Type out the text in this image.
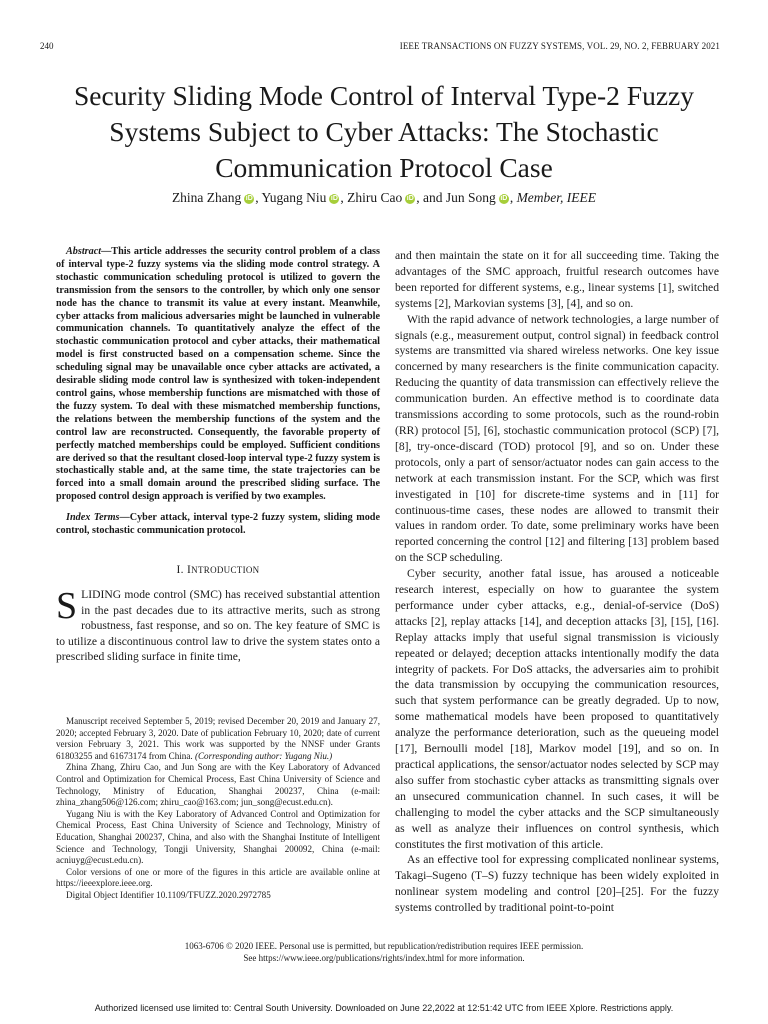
240	IEEE TRANSACTIONS ON FUZZY SYSTEMS, VOL. 29, NO. 2, FEBRUARY 2021
Security Sliding Mode Control of Interval Type-2 Fuzzy Systems Subject to Cyber Attacks: The Stochastic Communication Protocol Case
Zhina Zhang iD , Yugang Niu iD , Zhiru Cao iD , and Jun Song iD , Member, IEEE

Abstract—This article addresses the security control problem of a class of interval type-2 fuzzy systems via the sliding mode control strategy. A stochastic communication scheduling protocol is utilized to govern the transmission from the sensors to the controller, by which only one sensor node has the chance to transmit its value at every instant. Meanwhile, cyber attacks from malicious adversaries might be launched in vulnerable communication channels. To quantitatively analyze the effect of the stochastic communication protocol and cyber attacks, their mathematical model is first constructed based on a compensation scheme. Since the scheduling signal may be unavailable once cyber attacks are activated, a desirable sliding mode control law is synthesized with token-independent control gains, whose membership functions are mismatched with those of the fuzzy system. To deal with these mismatched membership functions, the relations between the membership functions of the system and the control law are reconstructed. Consequently, the favorable property of perfectly matched memberships could be employed. Sufficient conditions are derived so that the resultant closed-loop interval type-2 fuzzy system is stochastically stable and, at the same time, the state trajectories can be forced into a small domain around the prescribed sliding surface. The proposed control design approach is verified by two examples.

Index Terms—Cyber attack, interval type-2 fuzzy system, sliding mode control, stochastic communication protocol.

I. INTRODUCTION

SLIDING mode control (SMC) has received substantial attention in the past decades due to its attractive merits, such as strong robustness, fast response, and so on. The key feature of SMC is to utilize a discontinuous control law to drive the system states onto a prescribed sliding surface in finite time,

Manuscript received September 5, 2019; revised December 20, 2019 and January 27, 2020; accepted February 3, 2020. Date of publication February 10, 2020; date of current version February 3, 2021. This work was supported by the NNSF under Grants 61803255 and 61673174 from China. (Corresponding author: Yugang Niu.)

Zhina Zhang, Zhiru Cao, and Jun Song are with the Key Laboratory of Advanced Control and Optimization for Chemical Process, East China University of Science and Technology, Ministry of Education, Shanghai 200237, China (e-mail: zhina_zhang506@126.com; zhiru_cao@163.com; jun_song@ecust.edu.cn).

Yugang Niu is with the Key Laboratory of Advanced Control and Optimization for Chemical Process, East China University of Science and Technology, Ministry of Education, Shanghai 200237, China, and also with the Shanghai Institute of Intelligent Science and Technology, Tongji University, Shanghai 200092, China (e-mail: acniuyg@ecust.edu.cn).

Color versions of one or more of the figures in this article are available online at https://ieeexplore.ieee.org.

Digital Object Identifier 10.1109/TFUZZ.2020.2972785

and then maintain the state on it for all succeeding time. Taking the advantages of the SMC approach, fruitful research outcomes have been reported for different systems, e.g., linear systems [1], switched systems [2], Markovian systems [3], [4], and so on.

With the rapid advance of network technologies, a large number of signals (e.g., measurement output, control signal) in feedback control systems are transmitted via shared wireless networks. One key issue concerned by many researchers is the finite communication capacity. Reducing the quantity of data transmission can effectively relieve the communication burden. An effective method is to coordinate data transmissions according to some protocols, such as the round-robin (RR) protocol [5], [6], stochastic communication protocol (SCP) [7], [8], try-once-discard (TOD) protocol [9], and so on. Under these protocols, only a part of sensor/actuator nodes can gain access to the network at each transmission instant. For the SCP, which was first investigated in [10] for discrete-time systems and in [11] for continuous-time cases, these nodes are allowed to transmit their values in random order. To date, some preliminary works have been reported concerning the control [12] and filtering [13] problem based on the SCP scheduling.

Cyber security, another fatal issue, has aroused a noticeable research interest, especially on how to guarantee the system performance under cyber attacks, e.g., denial-of-service (DoS) attacks [2], replay attacks [14], and deception attacks [3], [15], [16]. Replay attacks imply that useful signal transmission is viciously repeated or delayed; deception attacks intentionally modify the data integrity of packets. For DoS attacks, the adversaries aim to prohibit the data transmission by occupying the communication resources, such that system performance can be greatly degraded. Up to now, some mathematical models have been proposed to quantitatively analyze the performance deterioration, such as the queueing model [17], Bernoulli model [18], Markov model [19], and so on. In practical applications, the sensor/actuator nodes selected by SCP may also suffer from stochastic cyber attacks as transmitting signals over an unsecured communication channel. In such cases, it will be challenging to model the cyber attacks and the SCP simultaneously as well as analyze their influences on control synthesis, which constitutes the first motivation of this article.

As an effective tool for expressing complicated nonlinear systems, Takagi–Sugeno (T–S) fuzzy technique has been widely exploited in nonlinear system modeling and control [20]–[25]. For the fuzzy systems controlled by traditional point-to-point

1063-6706 © 2020 IEEE. Personal use is permitted, but republication/redistribution requires IEEE permission.
See https://www.ieee.org/publications/rights/index.html for more information.
Authorized licensed use limited to: Central South University. Downloaded on June 22,2022 at 12:51:42 UTC from IEEE Xplore. Restrictions apply.
